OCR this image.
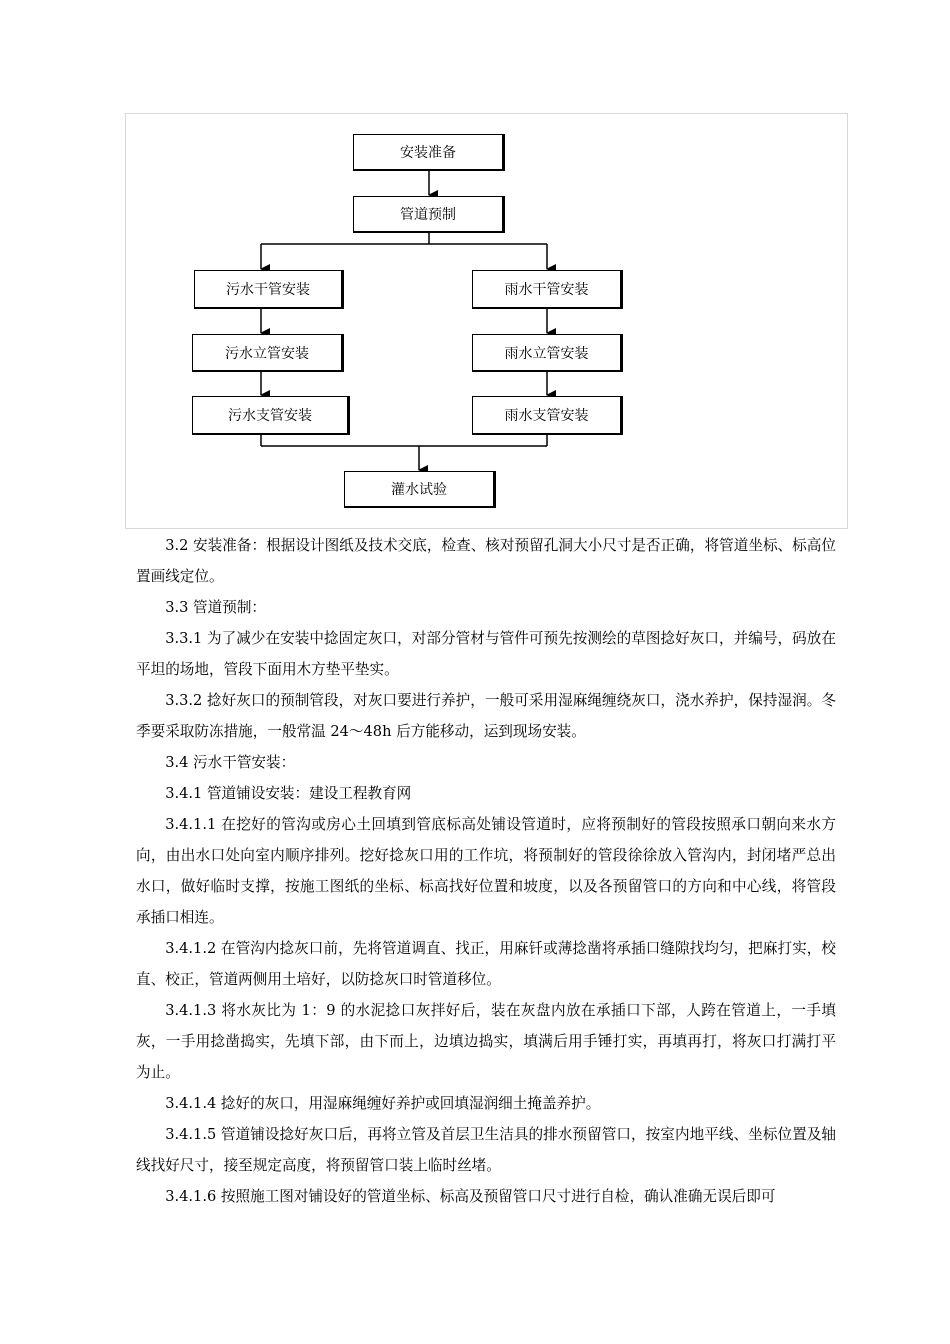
安装准备
管道预制
污水干管安装	雨水干管安装
污水立管安装	雨水立管安装
污水支管安装	雨水支管安装
灌水试验

3.2 安装准备：根据设计图纸及技术交底，检查、核对预留孔洞大小尺寸是否正确，将管道坐标、标高位置画线定位。

3.3 管道预制：

3.3.1 为了减少在安装中捻固定灰口，对部分管材与管件可预先按测绘的草图捻好灰口，并编号，码放在平坦的场地，管段下面用木方垫平垫实。

3.3.2 捻好灰口的预制管段，对灰口要进行养护，一般可采用湿麻绳缠绕灰口，浇水养护，保持湿润。冬季要采取防冻措施，一般常温 24～48h 后方能移动，运到现场安装。

3.4 污水干管安装：

3.4.1 管道铺设安装：建设工程教育网

3.4.1.1 在挖好的管沟或房心土回填到管底标高处铺设管道时，应将预制好的管段按照承口朝向来水方向，由出水口处向室内顺序排列。挖好捻灰口用的工作坑，将预制好的管段徐徐放入管沟内，封闭堵严总出水口，做好临时支撑，按施工图纸的坐标、标高找好位置和坡度，以及各预留管口的方向和中心线，将管段承插口相连。

3.4.1.2 在管沟内捻灰口前，先将管道调直、找正，用麻钎或薄捻凿将承插口缝隙找均匀，把麻打实，校直、校正，管道两侧用土培好，以防捻灰口时管道移位。

3.4.1.3 将水灰比为 1：9 的水泥捻口灰拌好后，装在灰盘内放在承插口下部，人跨在管道上，一手填灰，一手用捻凿捣实，先填下部，由下而上，边填边捣实，填满后用手锤打实，再填再打，将灰口打满打平为止。

3.4.1.4 捻好的灰口，用湿麻绳缠好养护或回填湿润细土掩盖养护。

3.4.1.5 管道铺设捻好灰口后，再将立管及首层卫生洁具的排水预留管口，按室内地平线、坐标位置及轴线找好尺寸，接至规定高度，将预留管口装上临时丝堵。

3.4.1.6 按照施工图对铺设好的管道坐标、标高及预留管口尺寸进行自检，确认准确无误后即可
